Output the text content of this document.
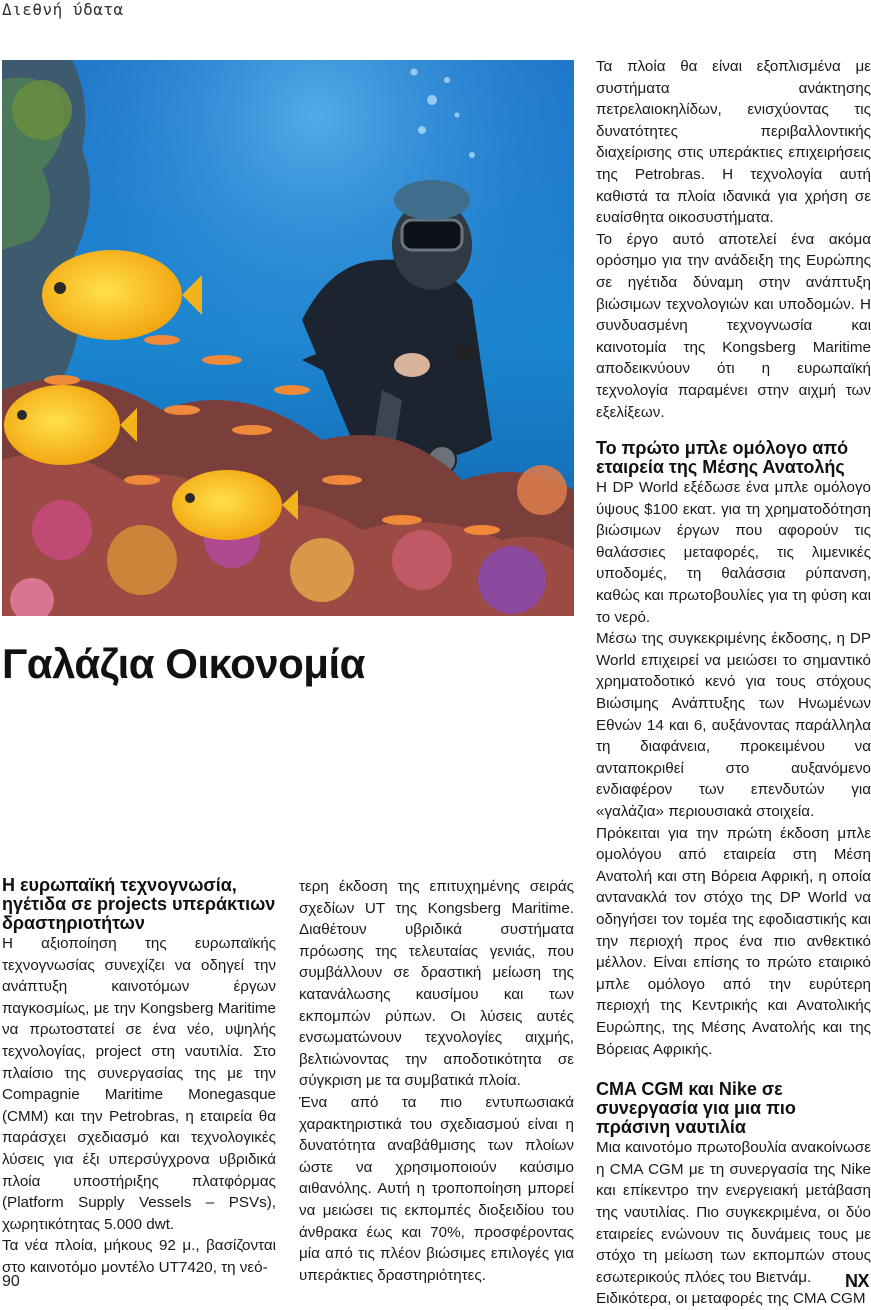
Διεθνή ύδατα
Γαλάζια Οικονομία
Η ευρωπαϊκή τεχνογνωσία, ηγέτιδα σε projects υπεράκτιων δραστηριοτήτων

Η αξιοποίηση της ευρωπαϊκής τεχνογνωσίας συνεχίζει να οδηγεί την ανάπτυξη καινοτόμων έργων παγκοσμίως, με την Kongsberg Maritime να πρωτοστατεί σε ένα νέο, υψηλής τεχνολογίας, project στη ναυτιλία. Στο πλαίσιο της συνεργασίας της με την Compagnie Maritime Monegasque (CMM) και την Petrobras, η εταιρεία θα παράσχει σχεδιασμό και τεχνολογικές λύσεις για έξι υπερσύγχρονα υβριδικά πλοία υποστήριξης πλατφόρμας (Platform Supply Vessels – PSVs), χωρητικότητας 5.000 dwt.

Τα νέα πλοία, μήκους 92 μ., βασίζονται στο καινοτόμο μοντέλο UT7420, τη νεό-

τερη έκδοση της επιτυχημένης σειράς σχεδίων UT της Kongsberg Maritime. Διαθέτουν υβριδικά συστήματα πρόωσης της τελευταίας γενιάς, που συμβάλλουν σε δραστική μείωση της κατανάλωσης καυσίμου και των εκπομπών ρύπων. Οι λύσεις αυτές ενσωματώνουν τεχνολογίες αιχμής, βελτιώνοντας την αποδοτικότητα σε σύγκριση με τα συμβατικά πλοία.

Ένα από τα πιο εντυπωσιακά χαρακτηριστικά του σχεδιασμού είναι η δυνατότητα αναβάθμισης των πλοίων ώστε να χρησιμοποιούν καύσιμο αιθανόλης. Αυτή η τροποποίηση μπορεί να μειώσει τις εκπομπές διοξειδίου του άνθρακα έως και 70%, προσφέροντας μία από τις πλέον βιώσιμες επιλογές για υπεράκτιες δραστηριότητες.

Τα πλοία θα είναι εξοπλισμένα με συστήματα ανάκτησης πετρελαιοκηλίδων, ενισχύοντας τις δυνατότητες περιβαλλοντικής διαχείρισης στις υπεράκτιες επιχειρήσεις της Petrobras. Η τεχνολογία αυτή καθιστά τα πλοία ιδανικά για χρήση σε ευαίσθητα οικοσυστήματα.

Το έργο αυτό αποτελεί ένα ακόμα ορόσημο για την ανάδειξη της Ευρώπης σε ηγέτιδα δύναμη στην ανάπτυξη βιώσιμων τεχνολογιών και υποδομών. Η συνδυασμένη τεχνογνωσία και καινοτομία της Kongsberg Maritime αποδεικνύουν ότι η ευρωπαϊκή τεχνολογία παραμένει στην αιχμή των εξελίξεων.

Το πρώτο μπλε ομόλογο από εταιρεία της Μέσης Ανατολής

Η DP World εξέδωσε ένα μπλε ομόλογο ύψους $100 εκατ. για τη χρηματοδότηση βιώσιμων έργων που αφορούν τις θαλάσσιες μεταφορές, τις λιμενικές υποδομές, τη θαλάσσια ρύπανση, καθώς και πρωτοβουλίες για τη φύση και το νερό.

Μέσω της συγκεκριμένης έκδοσης, η DP World επιχειρεί να μειώσει το σημαντικό χρηματοδοτικό κενό για τους στόχους Βιώσιμης Ανάπτυξης των Ηνωμένων Εθνών 14 και 6, αυξάνοντας παράλληλα τη διαφάνεια, προκειμένου να ανταποκριθεί στο αυξανόμενο ενδιαφέρον των επενδυτών για «γαλάζια» περιουσιακά στοιχεία.

Πρόκειται για την πρώτη έκδοση μπλε ομολόγου από εταιρεία στη Μέση Ανατολή και στη Βόρεια Αφρική, η οποία αντανακλά τον στόχο της DP World να οδηγήσει τον τομέα της εφοδιαστικής και την περιοχή προς ένα πιο ανθεκτικό μέλλον. Είναι επίσης το πρώτο εταιρικό μπλε ομόλογο από την ευρύτερη περιοχή της Κεντρικής και Ανατολικής Ευρώπης, της Μέσης Ανατολής και της Βόρειας Αφρικής.

CMA CGM και Nike σε συνεργασία για μια πιο πράσινη ναυτιλία

Μια καινοτόμο πρωτοβουλία ανακοίνωσε η CMA CGM με τη συνεργασία της Nike και επίκεντρο την ενεργειακή μετάβαση της ναυτιλίας. Πιο συγκεκριμένα, οι δύο εταιρείες ενώνουν τις δυνάμεις τους με στόχο τη μείωση των εκπομπών στους εσωτερικούς πλόες του Βιετνάμ.

Ειδικότερα, οι μεταφορές της CMA CGM

90	NX
